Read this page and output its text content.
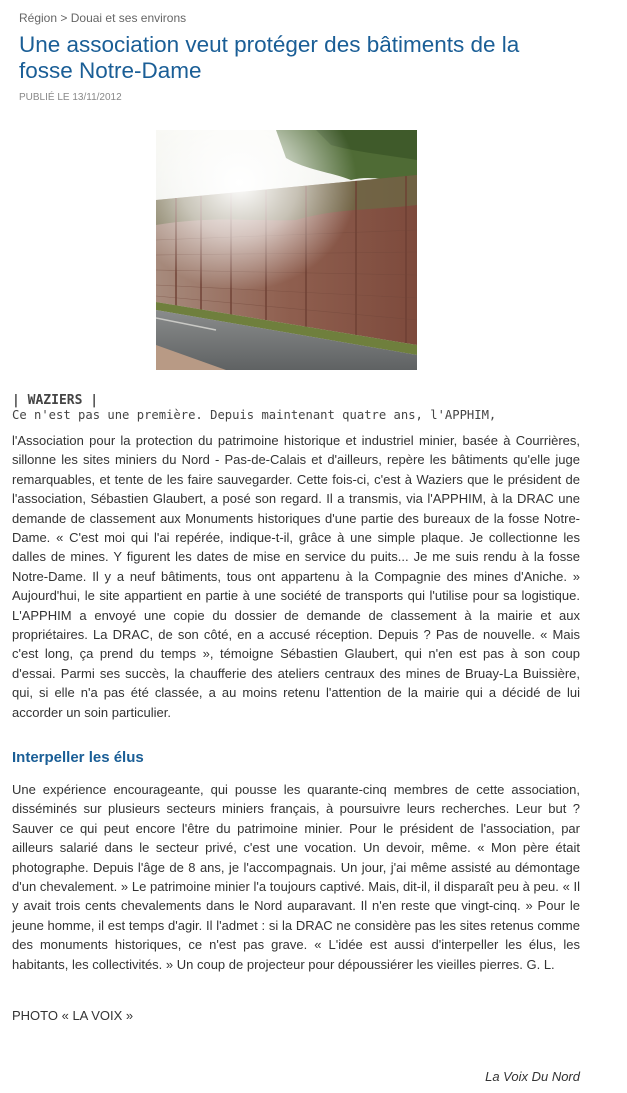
Région > Douai et ses environs
Une association veut protéger des bâtiments de la fosse Notre-Dame
PUBLIÉ LE 13/11/2012
| WAZIERS |
Ce n'est pas une première. Depuis maintenant quatre ans, l'APPHIM,

l'Association pour la protection du patrimoine historique et industriel minier, basée à Courrières, sillonne les sites miniers du Nord - Pas-de-Calais et d'ailleurs, repère les bâtiments qu'elle juge remarquables, et tente de les faire sauvegarder. Cette fois-ci, c'est à Waziers que le président de l'association, Sébastien Glaubert, a posé son regard. Il a transmis, via l'APPHIM, à la DRAC une demande de classement aux Monuments historiques d'une partie des bureaux de la fosse Notre-Dame. « C'est moi qui l'ai repérée, indique-t-il, grâce à une simple plaque. Je collectionne les dalles de mines. Y figurent les dates de mise en service du puits... Je me suis rendu à la fosse Notre-Dame. Il y a neuf bâtiments, tous ont appartenu à la Compagnie des mines d'Aniche. » Aujourd'hui, le site appartient en partie à une société de transports qui l'utilise pour sa logistique. L'APPHIM a envoyé une copie du dossier de demande de classement à la mairie et aux propriétaires. La DRAC, de son côté, en a accusé réception. Depuis ? Pas de nouvelle. « Mais c'est long, ça prend du temps », témoigne Sébastien Glaubert, qui n'en est pas à son coup d'essai. Parmi ses succès, la chaufferie des ateliers centraux des mines de Bruay-La Buissière, qui, si elle n'a pas été classée, a au moins retenu l'attention de la mairie qui a décidé de lui accorder un soin particulier.

Interpeller les élus

Une expérience encourageante, qui pousse les quarante-cinq membres de cette association, disséminés sur plusieurs secteurs miniers français, à poursuivre leurs recherches. Leur but ? Sauver ce qui peut encore l'être du patrimoine minier. Pour le président de l'association, par ailleurs salarié dans le secteur privé, c'est une vocation. Un devoir, même. « Mon père était photographe. Depuis l'âge de 8 ans, je l'accompagnais. Un jour, j'ai même assisté au démontage d'un chevalement. » Le patrimoine minier l'a toujours captivé. Mais, dit-il, il disparaît peu à peu. « Il y avait trois cents chevalements dans le Nord auparavant. Il n'en reste que vingt-cinq. » Pour le jeune homme, il est temps d'agir. Il l'admet : si la DRAC ne considère pas les sites retenus comme des monuments historiques, ce n'est pas grave. « L'idée est aussi d'interpeller les élus, les habitants, les collectivités. » Un coup de projecteur pour dépoussiérer les vieilles pierres. G. L.

PHOTO « LA VOIX »
La Voix Du Nord
